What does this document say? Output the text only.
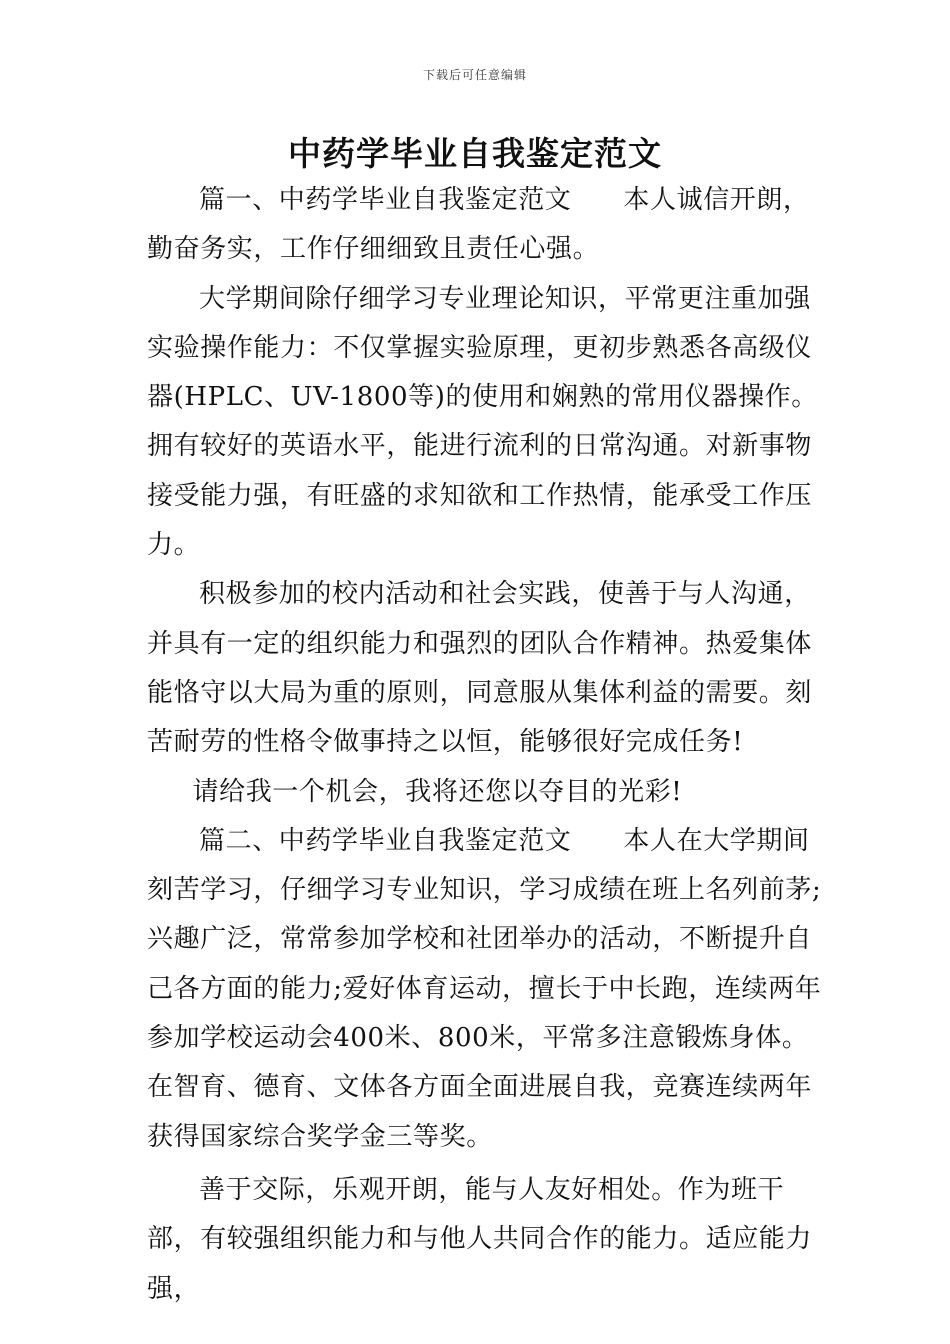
下载后可任意编辑
中药学毕业自我鉴定范文

篇一、中药学毕业自我鉴定范文 本人诚信开朗，勤奋务实，工作仔细细致且责任心强。

大学期间除仔细学习专业理论知识，平常更注重加强实验操作能力：不仅掌握实验原理，更初步熟悉各高级仪器(HPLC、UV-1800等)的使用和娴熟的常用仪器操作。拥有较好的英语水平，能进行流利的日常沟通。对新事物接受能力强，有旺盛的求知欲和工作热情，能承受工作压力。

积极参加的校内活动和社会实践，使善于与人沟通，并具有一定的组织能力和强烈的团队合作精神。热爱集体能恪守以大局为重的原则，同意服从集体利益的需要。刻苦耐劳的性格令做事持之以恒，能够很好完成任务!

请给我一个机会，我将还您以夺目的光彩!

篇二、中药学毕业自我鉴定范文 本人在大学期间刻苦学习，仔细学习专业知识，学习成绩在班上名列前茅;兴趣广泛，常常参加学校和社团举办的活动，不断提升自己各方面的能力;爱好体育运动，擅长于中长跑，连续两年参加学校运动会400米、800米，平常多注意锻炼身体。在智育、德育、文体各方面全面进展自我，竞赛连续两年获得国家综合奖学金三等奖。

善于交际，乐观开朗，能与人友好相处。作为班干部，有较强组织能力和与他人共同合作的能力。适应能力强，
